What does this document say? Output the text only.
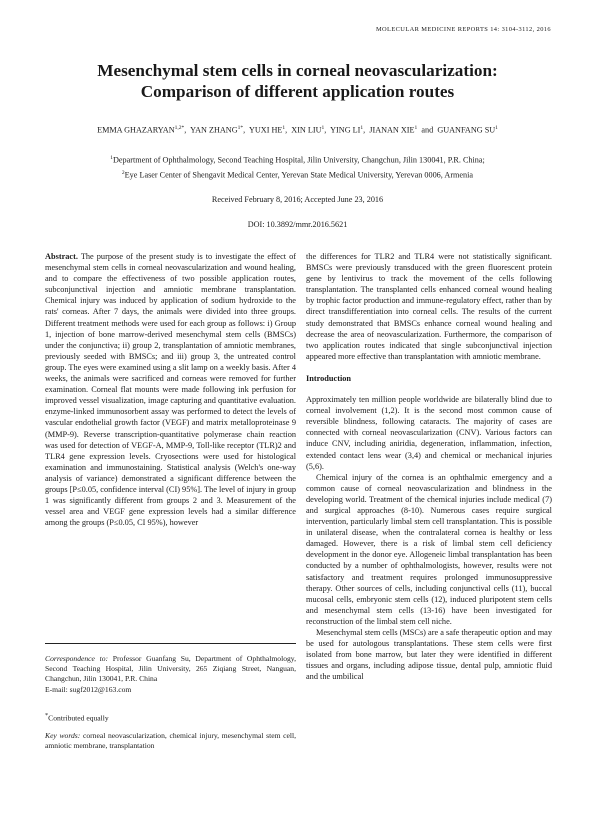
MOLECULAR MEDICINE REPORTS 14: 3104-3112, 2016
Mesenchymal stem cells in corneal neovascularization:
Comparison of different application routes
EMMA $GHAZARYAN^{1,2*}$,  YAN $ZHANG^{1*}$,  YUXI $HE^1$,  XIN LIU$^1$,  YING $LI^1$,  JIANAN XIE$^1$ and GUANFANG $SU^1$
$^1$Department of Ophthalmology, Second Teaching Hospital, Jilin University, Changchun, Jilin 130041, P.R. China;
$^2$Eye Laser Center of Shengavit Medical Center, Yerevan State Medical University, Yerevan 0006, Armenia
Received February 8, 2016; Accepted June 23, 2016
DOI: 10.3892/mmr.2016.5621

Abstract. The purpose of the present study is to investigate the effect of mesenchymal stem cells in corneal neovascularization and wound healing, and to compare the effectiveness of two possible application routes, subconjunctival injection and amniotic membrane transplantation. Chemical injury was induced by application of sodium hydroxide to the rats' corneas. After 7 days, the animals were divided into three groups. Different treatment methods were used for each group as follows: i) Group 1, injection of bone marrow-derived mesenchymal stem cells (BMSCs) under the conjunctiva; ii) group 2, transplantation of amniotic membranes, previously seeded with BMSCs; and iii) group 3, the untreated control group. The eyes were examined using a slit lamp on a weekly basis. After 4 weeks, the animals were sacrificed and corneas were removed for further examination. Corneal flat mounts were made following ink perfusion for improved vessel visualization, image capturing and quantitative evaluation. enzyme-linked immunosorbent assay was performed to detect the levels of vascular endothelial growth factor (VEGF) and matrix metalloproteinase 9 (MMP-9). Reverse transcription-quantitative polymerase chain reaction was used for detection of VEGF-A, MMP-9, Toll-like receptor (TLR)2 and TLR4 gene expression levels. Cryosections were used for histological examination and immunostaining. Statistical analysis (Welch's one-way analysis of variance) demonstrated a significant difference between the groups [P≤0.05, confidence interval (CI) 95%]. The level of injury in group 1 was significantly different from groups 2 and 3. Measurement of the vessel area and VEGF gene expression levels had a similar difference among the groups (P≤0.05, CI 95%), however

the differences for TLR2 and TLR4 were not statistically significant. BMSCs were previously transduced with the green fluorescent protein gene by lentivirus to track the movement of the cells following transplantation. The transplanted cells enhanced corneal wound healing by trophic factor production and immune-regulatory effect, rather than by direct transdifferentiation into corneal cells. The results of the current study demonstrated that BMSCs enhance corneal wound healing and decrease the area of neovascularization. Furthermore, the comparison of two application routes indicated that single subconjunctival injection appeared more effective than transplantation with amniotic membrane.

Introduction

Approximately ten million people worldwide are bilaterally blind due to corneal involvement (1,2). It is the second most common cause of reversible blindness, following cataracts. The majority of cases are connected with corneal neovascularization (CNV). Various factors can induce CNV, including aniridia, degeneration, inflammation, infection, extended contact lens wear (3,4) and chemical or mechanical injuries (5,6).

Chemical injury of the cornea is an ophthalmic emergency and a common cause of corneal neovascularization and blindness in the developing world. Treatment of the chemical injuries include medical (7) and surgical approaches (8-10). Numerous cases require surgical intervention, particularly limbal stem cell transplantation. This is possible in unilateral disease, when the contralateral cornea is healthy or less damaged. However, there is a risk of limbal stem cell deficiency development in the donor eye. Allogeneic limbal transplantation has been conducted by a number of ophthalmologists, however, results were not satisfactory and treatment requires prolonged immunosuppressive therapy. Other sources of cells, including conjunctival cells (11), buccal mucosal cells, embryonic stem cells (12), induced pluripotent stem cells and mesenchymal stem cells (13-16) have been investigated for reconstruction of the limbal stem cell niche.

Mesenchymal stem cells (MSCs) are a safe therapeutic option and may be used for autologous transplantations. These stem cells were first isolated from bone marrow, but later they were identified in different tissues and organs, including adipose tissue, dental pulp, amniotic fluid and the umbilical

Correspondence to: Professor Guanfang Su, Department of Ophthalmology, Second Teaching Hospital, Jilin University, 265 Ziqiang Street, Nanguan, Changchun, Jilin 130041, P.R. China

E-mail: sugf2012@163.com

*Contributed equally

Key words: corneal neovascularization, chemical injury, mesenchymal stem cell, amniotic membrane, transplantation
